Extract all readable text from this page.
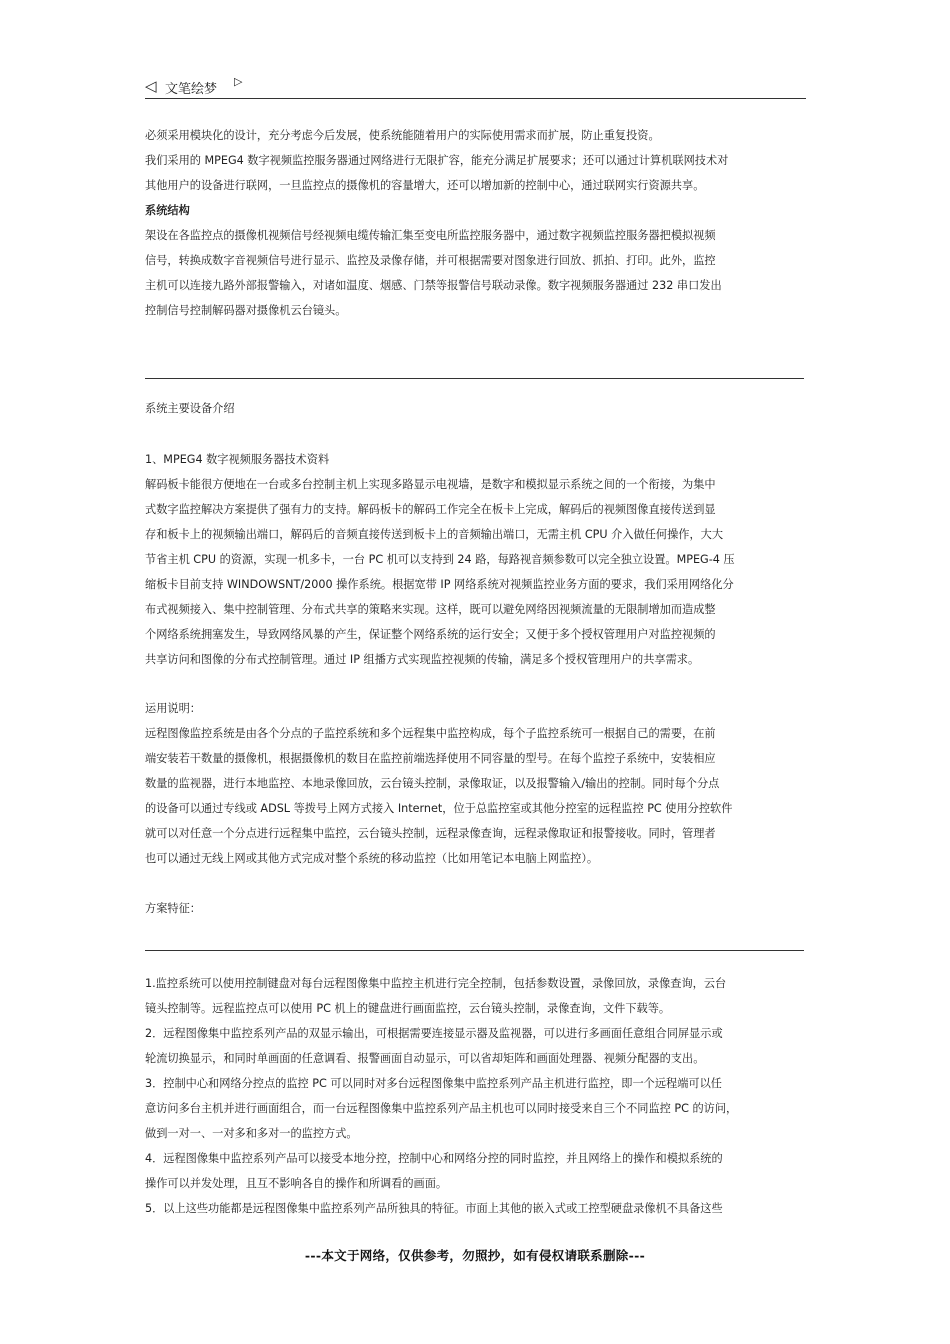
◁ 文笔绘梦
▷
必须采用模块化的设计，充分考虑今后发展，使系统能随着用户的实际使用需求而扩展，防止重复投资。
我们采用的 MPEG4 数字视频监控服务器通过网络进行无限扩容，能充分满足扩展要求；还可以通过计算机联网技术对
其他用户的设备进行联网，一旦监控点的摄像机的容量增大，还可以增加新的控制中心，通过联网实行资源共享。
系统结构
架设在各监控点的摄像机视频信号经视频电缆传输汇集至变电所监控服务器中，通过数字视频监控服务器把模拟视频
信号，转换成数字音视频信号进行显示、监控及录像存储，并可根据需要对图象进行回放、抓拍、打印。此外，监控
主机可以连接九路外部报警输入，对诸如温度、烟感、门禁等报警信号联动录像。数字视频服务器通过 232 串口发出
控制信号控制解码器对摄像机云台镜头。
系统主要设备介绍
1、MPEG4 数字视频服务器技术资料
解码板卡能很方便地在一台或多台控制主机上实现多路显示电视墙，是数字和模拟显示系统之间的一个衔接，为集中
式数字监控解决方案提供了强有力的支持。解码板卡的解码工作完全在板卡上完成，解码后的视频图像直接传送到显
存和板卡上的视频输出端口，解码后的音频直接传送到板卡上的音频输出端口，无需主机 CPU 介入做任何操作，大大
节省主机 CPU 的资源，实现一机多卡，一台 PC 机可以支持到 24 路，每路视音频参数可以完全独立设置。MPEG-4 压
缩板卡目前支持 WINDOWSNT/2000 操作系统。根据宽带 IP 网络系统对视频监控业务方面的要求，我们采用网络化分
布式视频接入、集中控制管理、分布式共享的策略来实现。这样，既可以避免网络因视频流量的无限制增加而造成整
个网络系统拥塞发生，导致网络风暴的产生，保证整个网络系统的运行安全；又便于多个授权管理用户对监控视频的
共享访问和图像的分布式控制管理。通过 IP 组播方式实现监控视频的传输，满足多个授权管理用户的共享需求。
运用说明：
远程图像监控系统是由各个分点的子监控系统和多个远程集中监控构成，每个子监控系统可一根据自己的需要，在前
端安装若干数量的摄像机，根据摄像机的数目在监控前端选择使用不同容量的型号。在每个监控子系统中，安装相应
数量的监视器，进行本地监控、本地录像回放，云台镜头控制，录像取证，以及报警输入/输出的控制。同时每个分点
的设备可以通过专线或 ADSL 等拨号上网方式接入 Internet，位于总监控室或其他分控室的远程监控 PC 使用分控软件
就可以对任意一个分点进行远程集中监控，云台镜头控制，远程录像查询，远程录像取证和报警接收。同时，管理者
也可以通过无线上网或其他方式完成对整个系统的移动监控（比如用笔记本电脑上网监控）。
方案特征：
1.监控系统可以使用控制键盘对每台远程图像集中监控主机进行完全控制，包括参数设置，录像回放，录像查询，云台
镜头控制等。远程监控点可以使用 PC 机上的键盘进行画面监控，云台镜头控制，录像查询，文件下载等。
2．远程图像集中监控系列产品的双显示输出，可根据需要连接显示器及监视器，可以进行多画面任意组合同屏显示或
轮流切换显示，和同时单画面的任意调看、报警画面自动显示，可以省却矩阵和画面处理器、视频分配器的支出。
3．控制中心和网络分控点的监控 PC 可以同时对多台远程图像集中监控系列产品主机进行监控，即一个远程端可以任
意访问多台主机并进行画面组合，而一台远程图像集中监控系列产品主机也可以同时接受来自三个不同监控 PC 的访问，
做到一对一、一对多和多对一的监控方式。
4．远程图像集中监控系列产品可以接受本地分控，控制中心和网络分控的同时监控，并且网络上的操作和模拟系统的
操作可以并发处理，且互不影响各自的操作和所调看的画面。
5．以上这些功能都是远程图像集中监控系列产品所独具的特征。市面上其他的嵌入式或工控型硬盘录像机不具备这些
---本文于网络，仅供参考，勿照抄，如有侵权请联系删除---
